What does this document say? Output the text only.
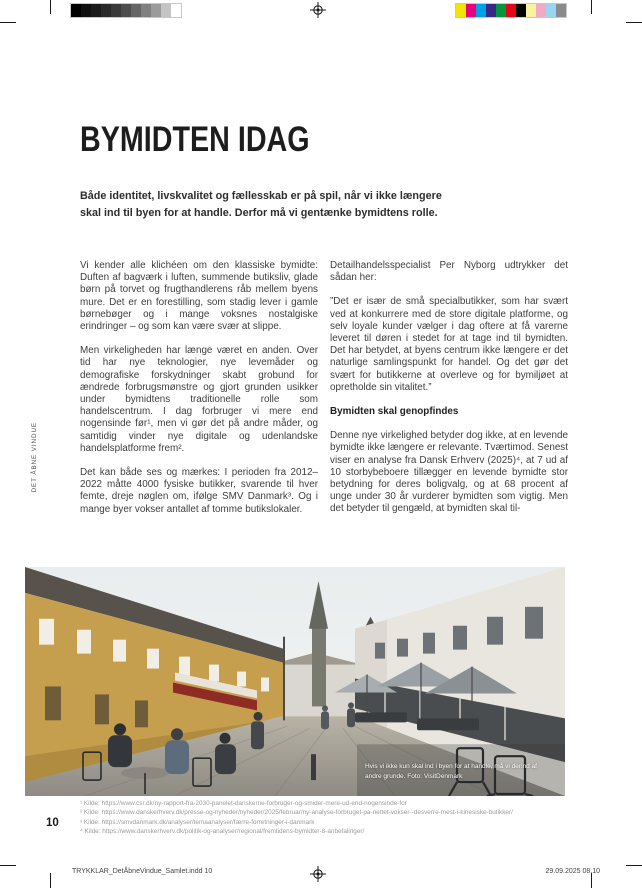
BYMIDTEN IDAG

Både identitet, livskvalitet og fællesskab er på spil, når vi ikke længere skal ind til byen for at handle. Derfor må vi gentænke bymidtens rolle.

Vi kender alle klichéen om den klassiske bymidte: Duften af bagværk i luften, summende butiksliv, glade børn på torvet og frugthandlerens råb mellem byens mure. Det er en forestilling, som stadig lever i gamle børnebøger og i mange voksnes nostalgiske erindringer – og som kan være svær at slippe.

Men virkeligheden har længe været en anden. Over tid har nye teknologier, nye levemåder og demografiske forskydninger skabt grobund for ændrede forbrugsmønstre og gjort grunden usikker under bymidtens traditionelle rolle som handelscentrum. I dag forbruger vi mere end nogensinde før¹, men vi gør det på andre måder, og samtidig vinder nye digitale og udenlandske handelsplatforme frem².

Det kan både ses og mærkes: I perioden fra 2012–2022 måtte 4000 fysiske butikker, svarende til hver femte, dreje nøglen om, ifølge SMV Danmark³. Og i mange byer vokser antallet af tomme butikslokaler.

Detailhandelsspecialist Per Nyborg udtrykker det sådan her:

”Det er især de små specialbutikker, som har svært ved at konkurrere med de store digitale platforme, og selv loyale kunder vælger i dag oftere at få varerne leveret til døren i stedet for at tage ind til bymidten. Det har betydet, at byens centrum ikke længere er det naturlige samlingspunkt for handel. Og det gør det svært for butikkerne at overleve og for bymiljøet at opretholde sin vitalitet.”

Bymidten skal genopfindes

Denne nye virkelighed betyder dog ikke, at en levende bymidte ikke længere er relevante. Tværtimod. Senest viser en analyse fra Dansk Erhverv (2025)⁴, at 7 ud af 10 storbybeboere tillægger en levende bymidte stor betydning for deres boligvalg, og at 68 procent af unge under 30 år vurderer bymidten som vigtig. Men det betyder til gengæld, at bymidten skal til-

Hvis vi ikke kun skal ind i byen for at handle, må vi derind af andre grunde. Foto: VisitDenmark
¹ Kilde: https://www.csr.dk/ny-rapport-fra-2030-panelet-danskerne-forbruger-og-smider-mere-ud-end-nogensinde-for
² Kilde: https://www.danskerhverv.dk/presse-og-nyheder/nyheder/2025/februar/ny-analyse-forbruget-pa-nettet-vokser--desverre-mest-i-kinesiske-butikker/
³ Kilde: https://smvdanmark.dk/analyser/temaanalyser/færre-forretninger-i-danmark
⁴ Kilde: https://www.danskerhverv.dk/politik-og-analyser/regional/fremtidens-bymidter-8-anbefalinger/
10
DET ÅBNE VINDUE
TRYKKLAR_DetÅbneVindue_Samlet.indd 10	29.09.2025 08.10
